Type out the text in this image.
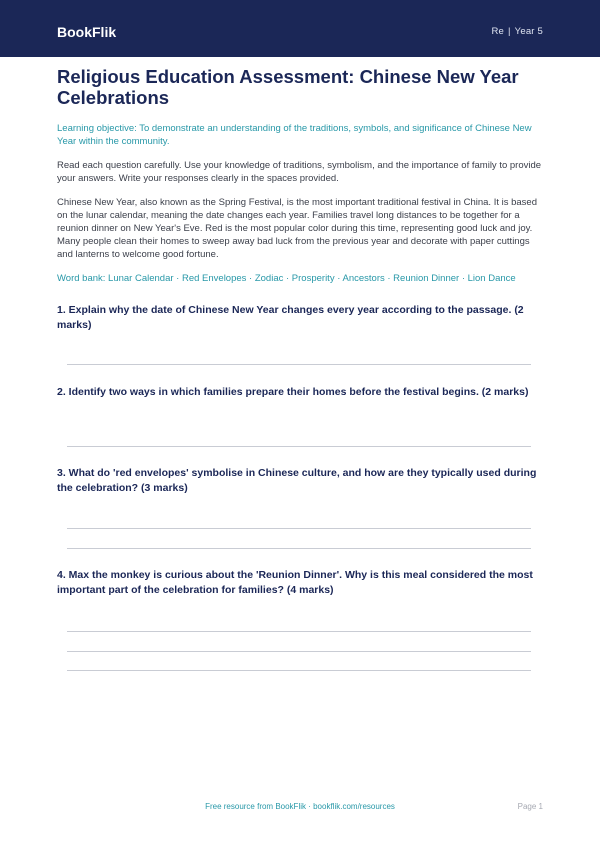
BookFlik	Re | Year 5
Religious Education Assessment: Chinese New Year Celebrations

Learning objective: To demonstrate an understanding of the traditions, symbols, and significance of Chinese New Year within the community.

Read each question carefully. Use your knowledge of traditions, symbolism, and the importance of family to provide your answers. Write your responses clearly in the spaces provided.

Chinese New Year, also known as the Spring Festival, is the most important traditional festival in China. It is based on the lunar calendar, meaning the date changes each year. Families travel long distances to be together for a reunion dinner on New Year's Eve. Red is the most popular color during this time, representing good luck and joy. Many people clean their homes to sweep away bad luck from the previous year and decorate with paper cuttings and lanterns to welcome good fortune.

Word bank: Lunar Calendar · Red Envelopes · Zodiac · Prosperity · Ancestors · Reunion Dinner · Lion Dance

1. Explain why the date of Chinese New Year changes every year according to the passage. (2 marks)

2. Identify two ways in which families prepare their homes before the festival begins. (2 marks)

3. What do 'red envelopes' symbolise in Chinese culture, and how are they typically used during the celebration? (3 marks)

4. Max the monkey is curious about the 'Reunion Dinner'. Why is this meal considered the most important part of the celebration for families? (4 marks)

Free resource from BookFlik · bookflik.com/resources	Page 1
